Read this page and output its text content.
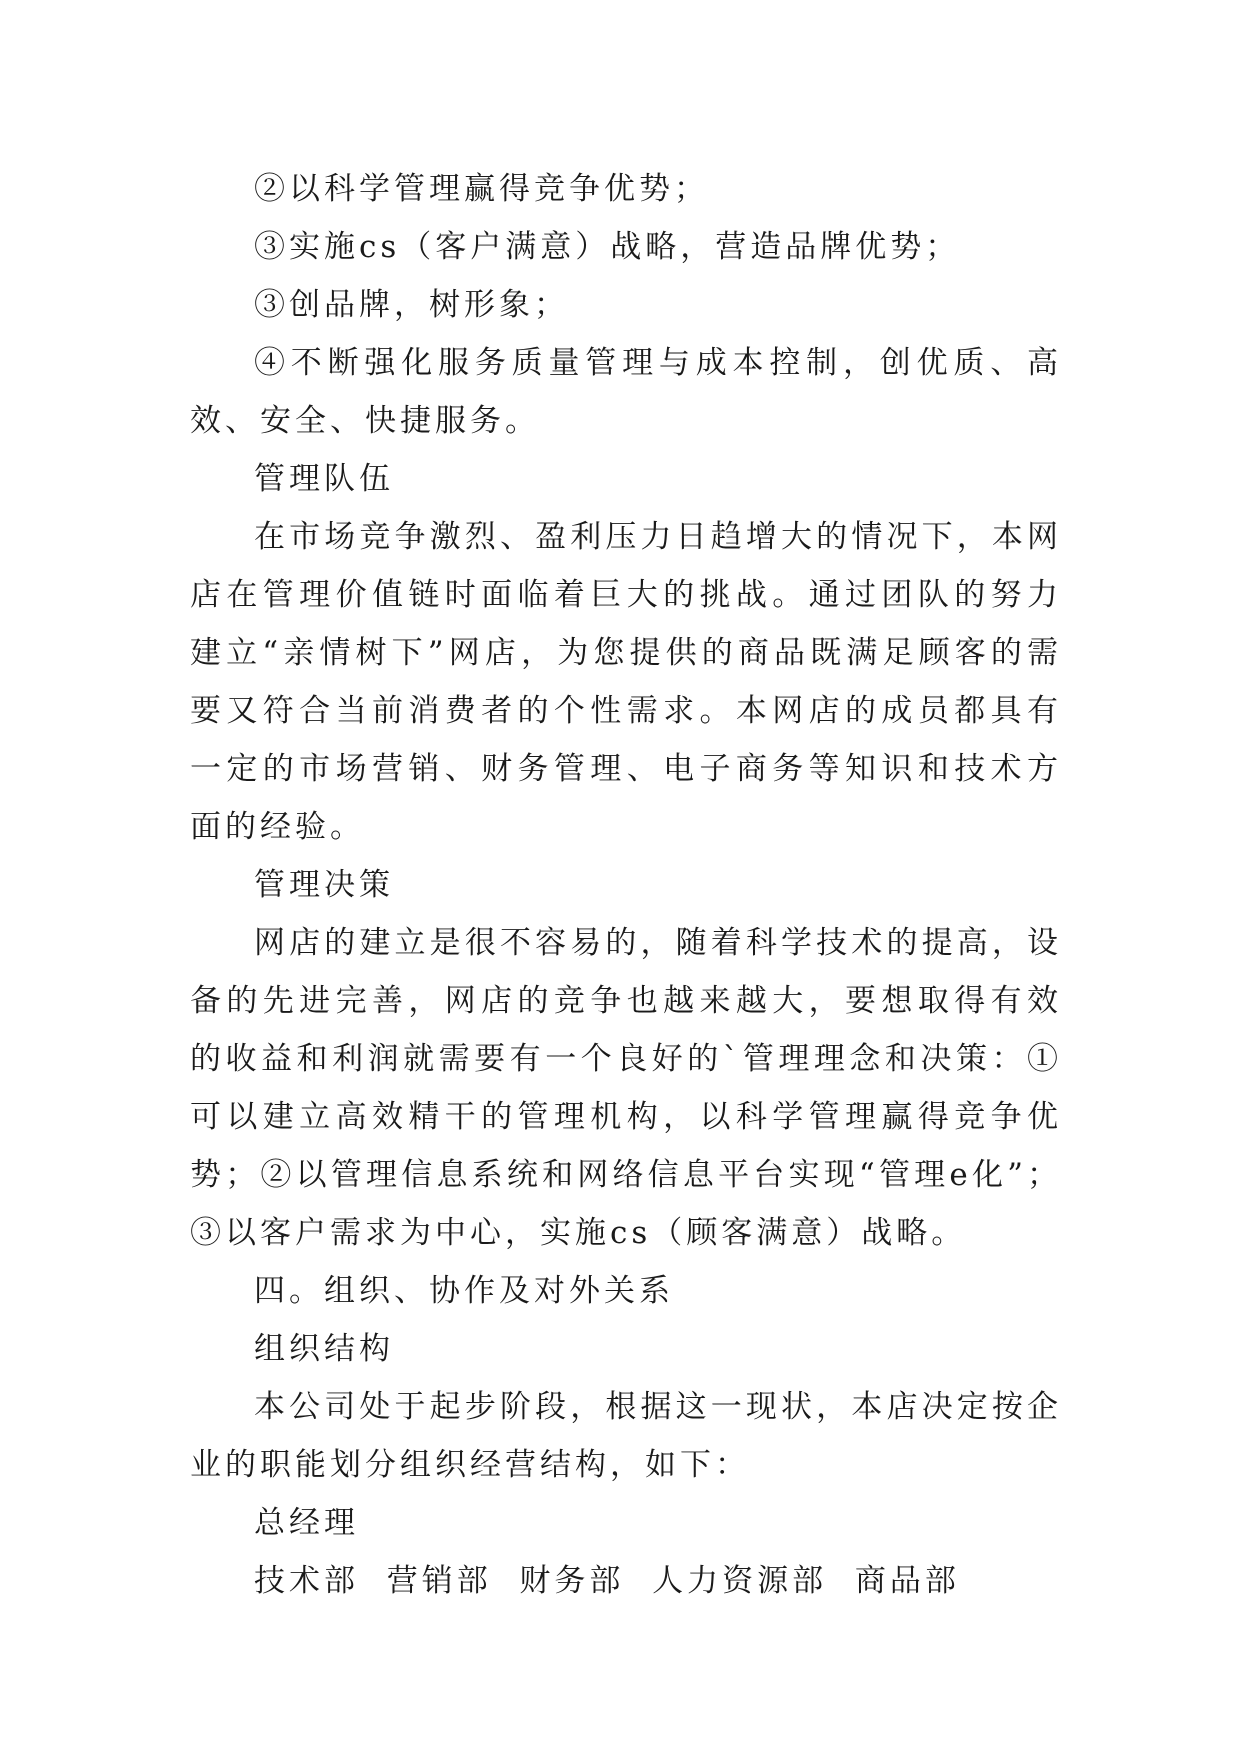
②以科学管理赢得竞争优势；

③实施cs（客户满意）战略，营造品牌优势；

③创品牌，树形象；

④不断强化服务质量管理与成本控制，创优质、高效、安全、快捷服务。

管理队伍

在市场竞争激烈、盈利压力日趋增大的情况下，本网店在管理价值链时面临着巨大的挑战。通过团队的努力建立“亲情树下”网店，为您提供的商品既满足顾客的需要又符合当前消费者的个性需求。本网店的成员都具有一定的市场营销、财务管理、电子商务等知识和技术方面的经验。

管理决策

网店的建立是很不容易的，随着科学技术的提高，设备的先进完善，网店的竞争也越来越大，要想取得有效的收益和利润就需要有一个良好的`管理理念和决策：①可以建立高效精干的管理机构，以科学管理赢得竞争优势；②以管理信息系统和网络信息平台实现“管理e化”；③以客户需求为中心，实施cs（顾客满意）战略。

四。组织、协作及对外关系

组织结构

本公司处于起步阶段，根据这一现状，本店决定按企业的职能划分组织经营结构，如下：

总经理

技术部  营销部  财务部  人力资源部  商品部
